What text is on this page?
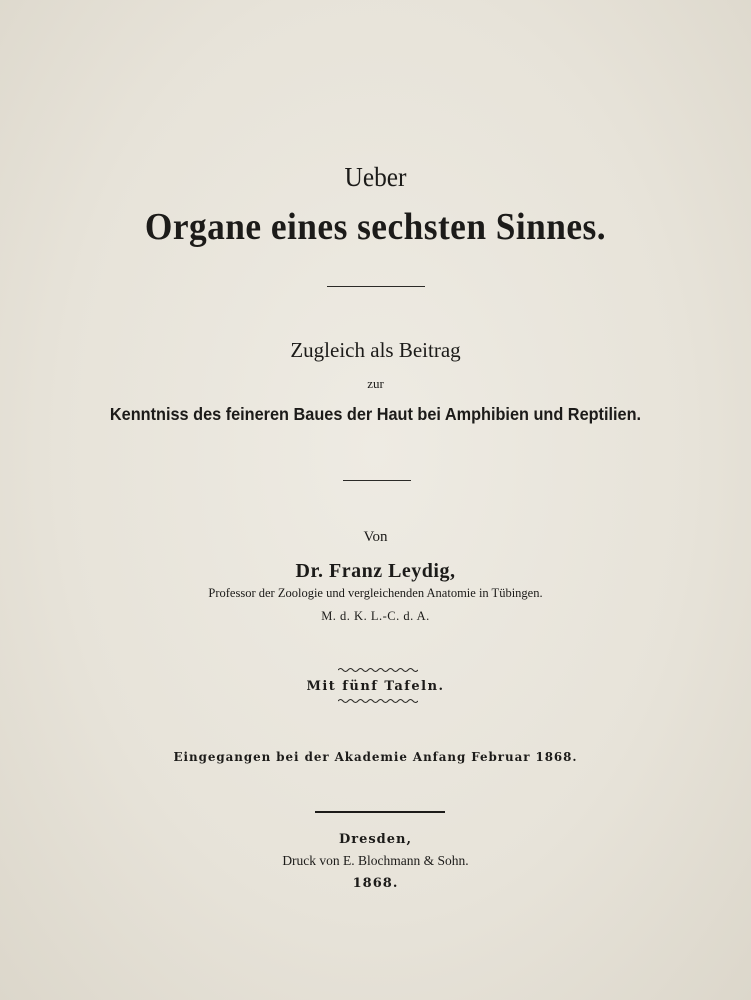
Ueber
Organe eines sechsten Sinnes.
Zugleich als Beitrag
zur
Kenntniss des feineren Baues der Haut bei Amphibien und Reptilien.
Von
Dr. Franz Leydig,
Professor der Zoologie und vergleichenden Anatomie in Tübingen.
M. d. K. L.-C. d. A.
Mit fünf Tafeln.
Eingegangen bei der Akademie Anfang Februar 1868.
Dresden,
Druck von E. Blochmann & Sohn.
1868.
